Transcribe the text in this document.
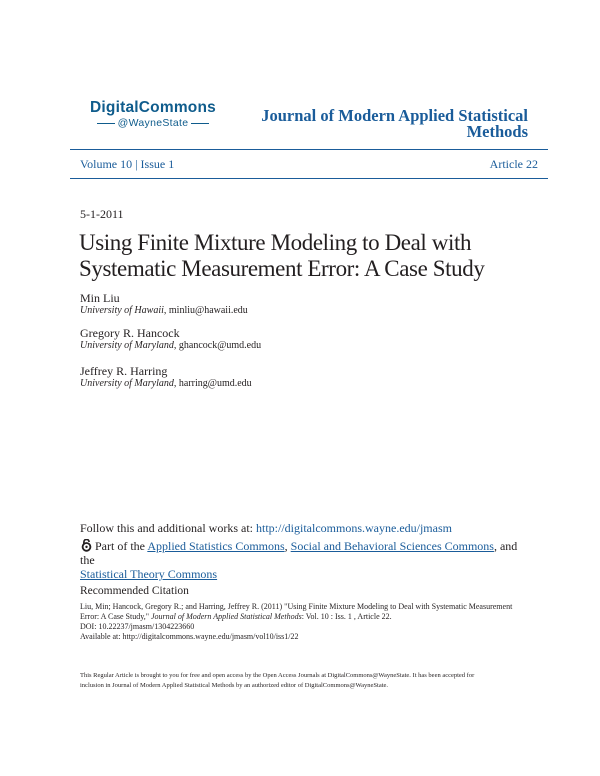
DigitalCommons
@WayneState	Journal of Modern Applied Statistical
Methods
Volume 10 | Issue 1	Article 22
5-1-2011
Using Finite Mixture Modeling to Deal with
Systematic Measurement Error: A Case Study
Min Liu
University of Hawaii, minliu@hawaii.edu
Gregory R. Hancock
University of Maryland, ghancock@umd.edu
Jeffrey R. Harring
University of Maryland, harring@umd.edu
Follow this and additional works at: http://digitalcommons.wayne.edu/jmasm
Part of the Applied Statistics Commons, Social and Behavioral Sciences Commons, and the
Statistical Theory Commons
Recommended Citation
Liu, Min; Hancock, Gregory R.; and Harring, Jeffrey R. (2011) "Using Finite Mixture Modeling to Deal with Systematic Measurement
Error: A Case Study," Journal of Modern Applied Statistical Methods: Vol. 10 : Iss. 1 , Article 22.
DOI: 10.22237/jmasm/1304223660
Available at: http://digitalcommons.wayne.edu/jmasm/vol10/iss1/22
This Regular Article is brought to you for free and open access by the Open Access Journals at DigitalCommons@WayneState. It has been accepted for
inclusion in Journal of Modern Applied Statistical Methods by an authorized editor of DigitalCommons@WayneState.
